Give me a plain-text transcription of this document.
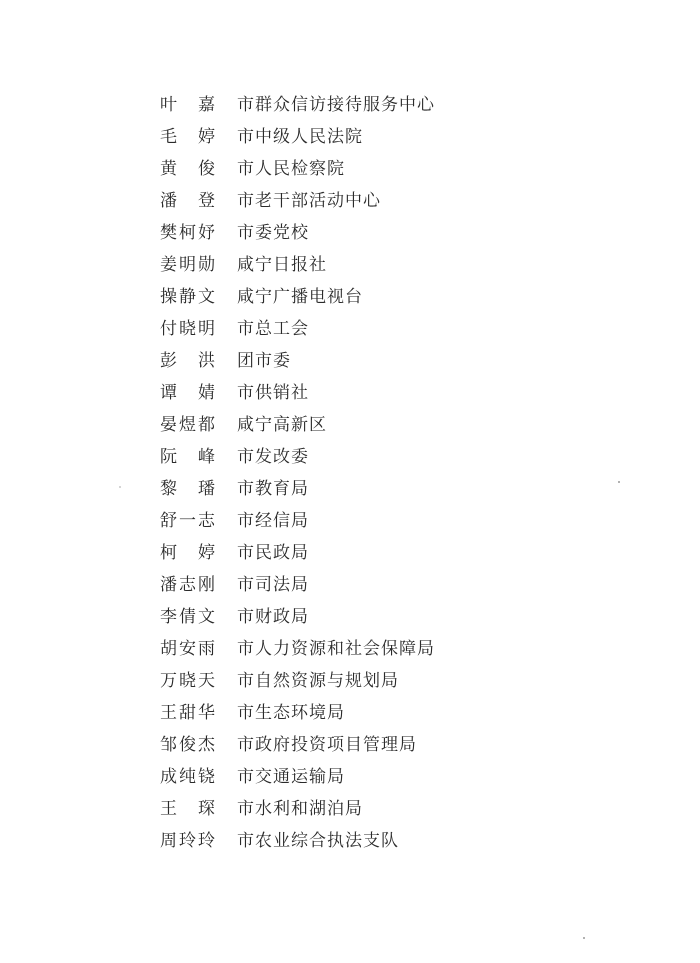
叶 嘉 市群众信访接待服务中心
毛 婷 市中级人民法院
黄 俊 市人民检察院
潘 登 市老干部活动中心
樊 柯 妤 市委党校
姜 明 勋 咸宁日报社
操 静 文 咸宁广播电视台
付 晓 明 市总工会
彭 洪 团市委
谭 婧 市供销社
晏 煜 都 咸宁高新区
阮 峰 市发改委
黎 璠 市教育局
舒 一 志 市经信局
柯 婷 市民政局
潘 志 刚 市司法局
李 倩 文 市财政局
胡 安 雨 市人力资源和社会保障局
万 晓 天 市自然资源与规划局
王 甜 华 市生态环境局
邹 俊 杰 市政府投资项目管理局
成 纯 铙 市交通运输局
王 琛 市水利和湖泊局
周 玲 玲 市农业综合执法支队
